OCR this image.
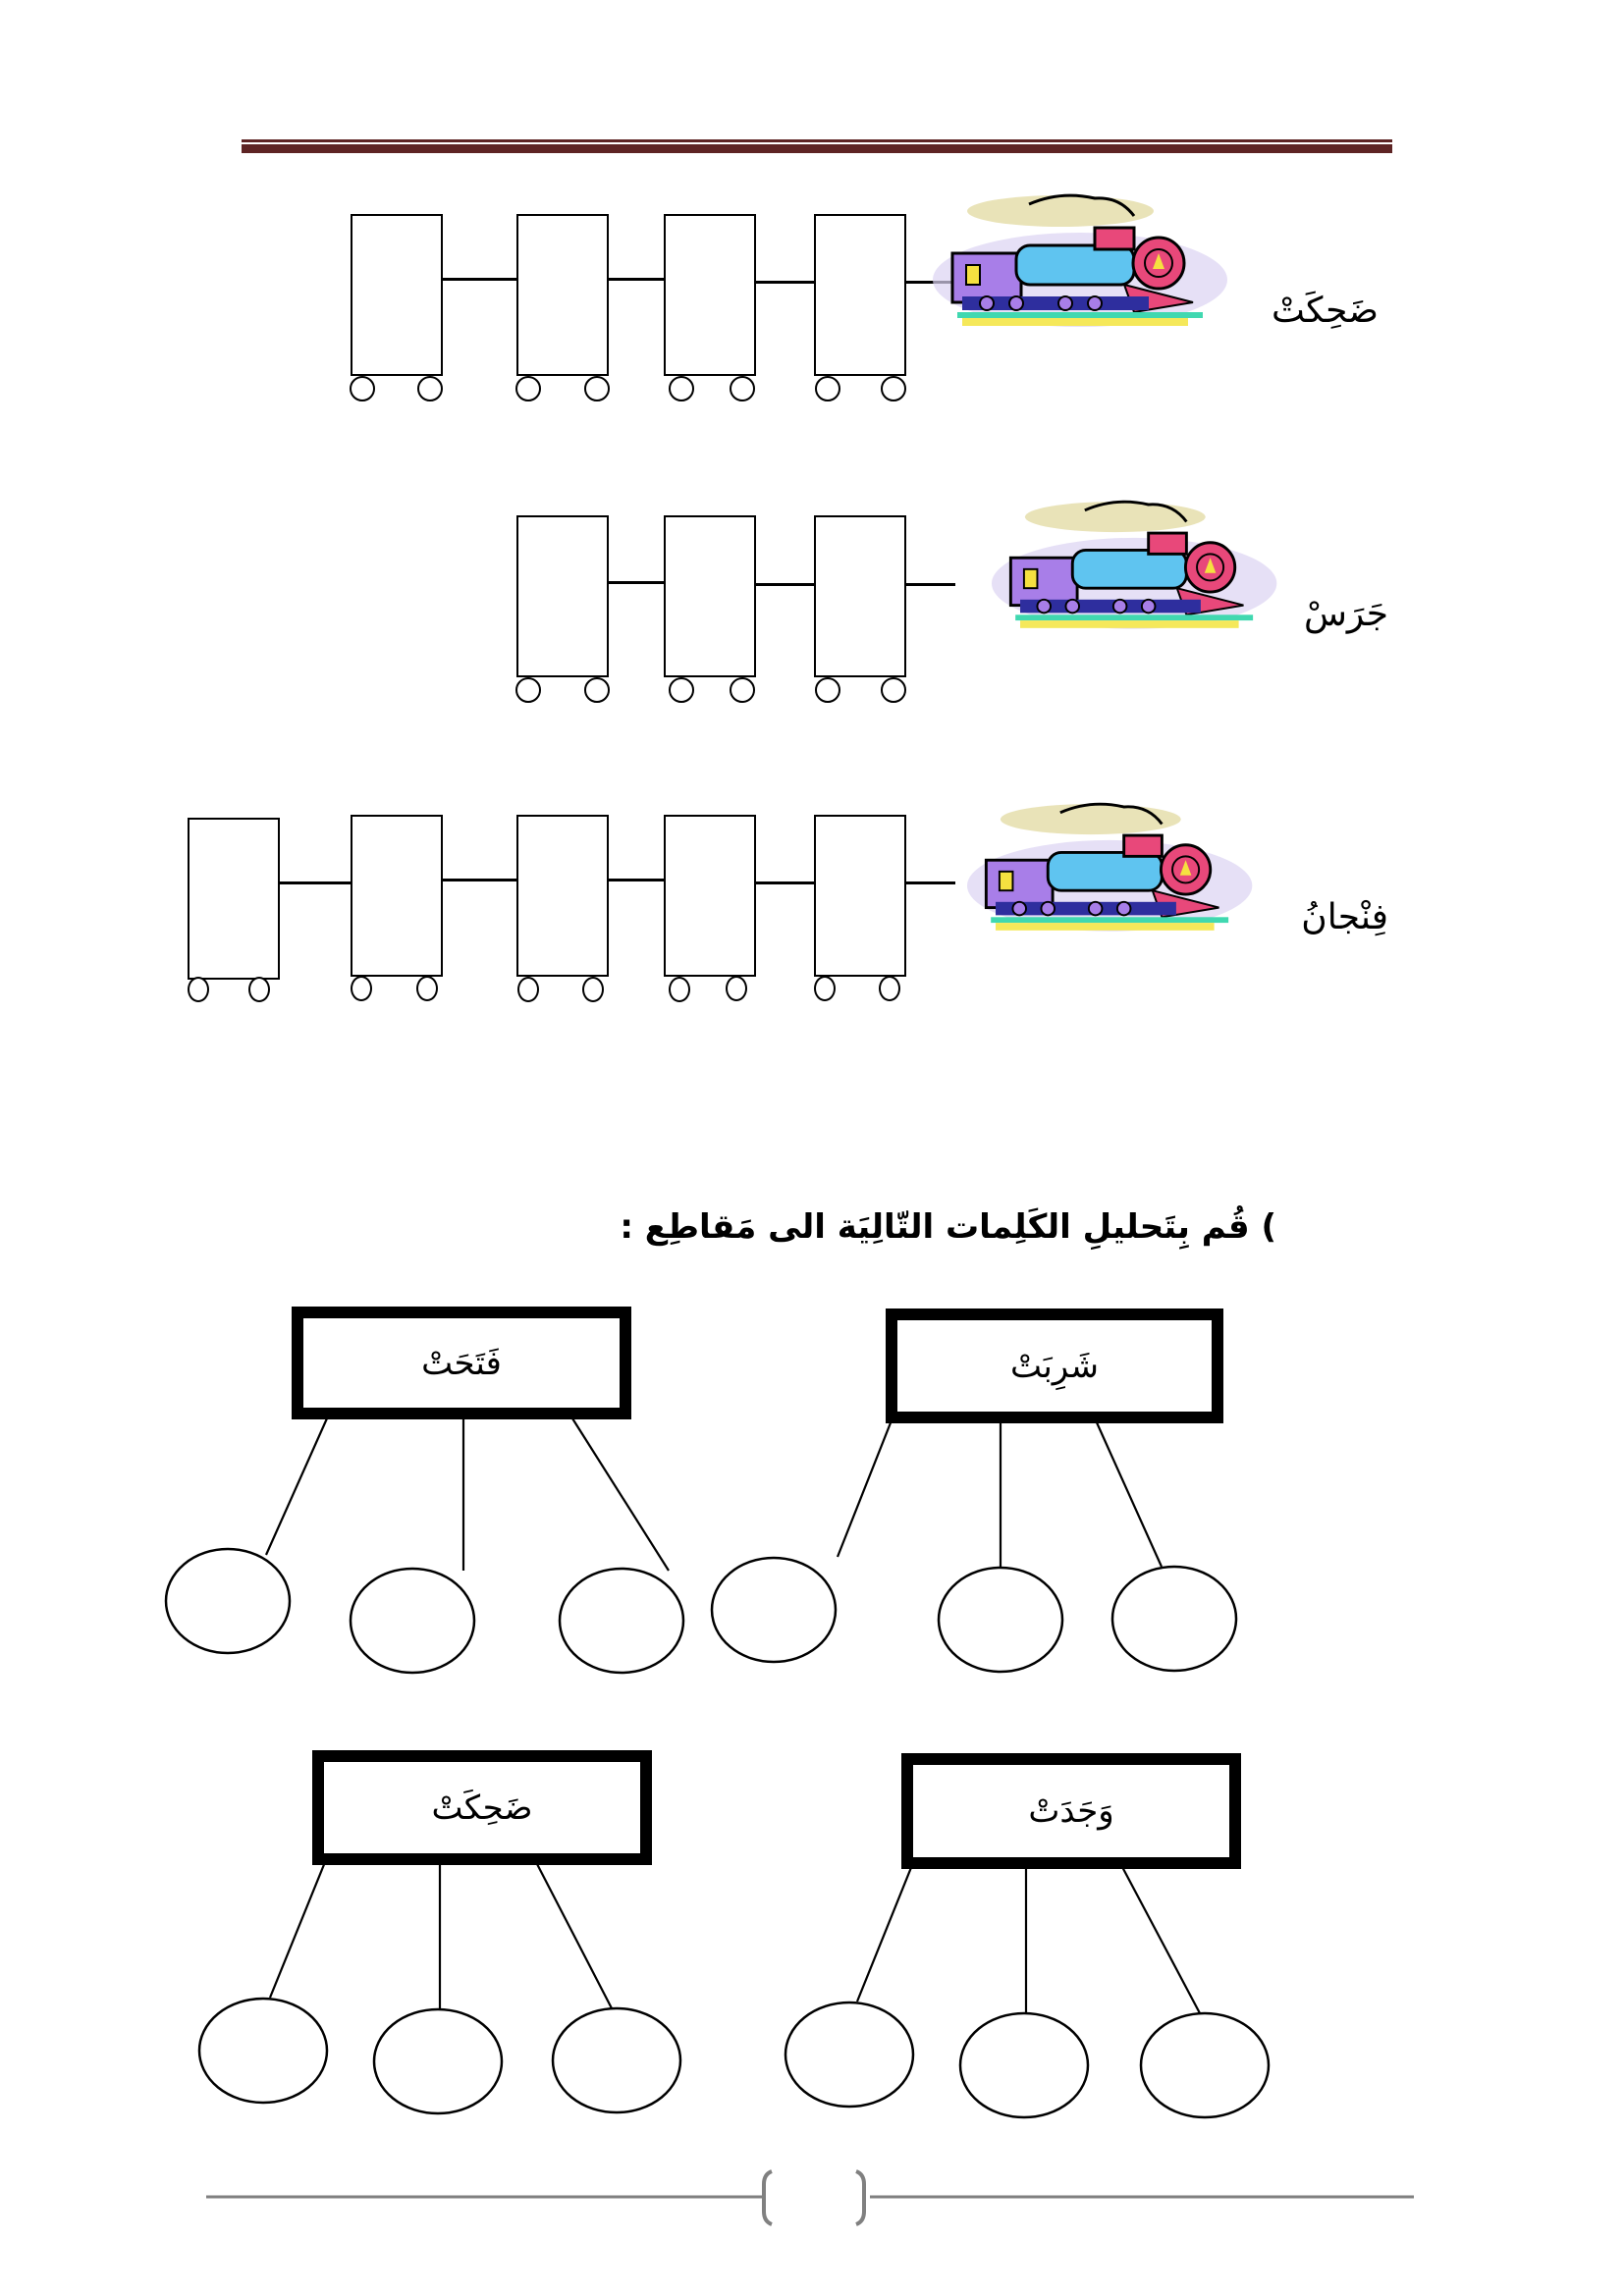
ضَحِكَتْ
جَرَسْ
فِنْجانُ
) قُم بِتَحليلِ الكَلِمات التّالِيَة الى مَقاطِع :
فَتَحَتْ	شَرِبَتْ
ضَحِكَتْ	وَجَدَتْ
